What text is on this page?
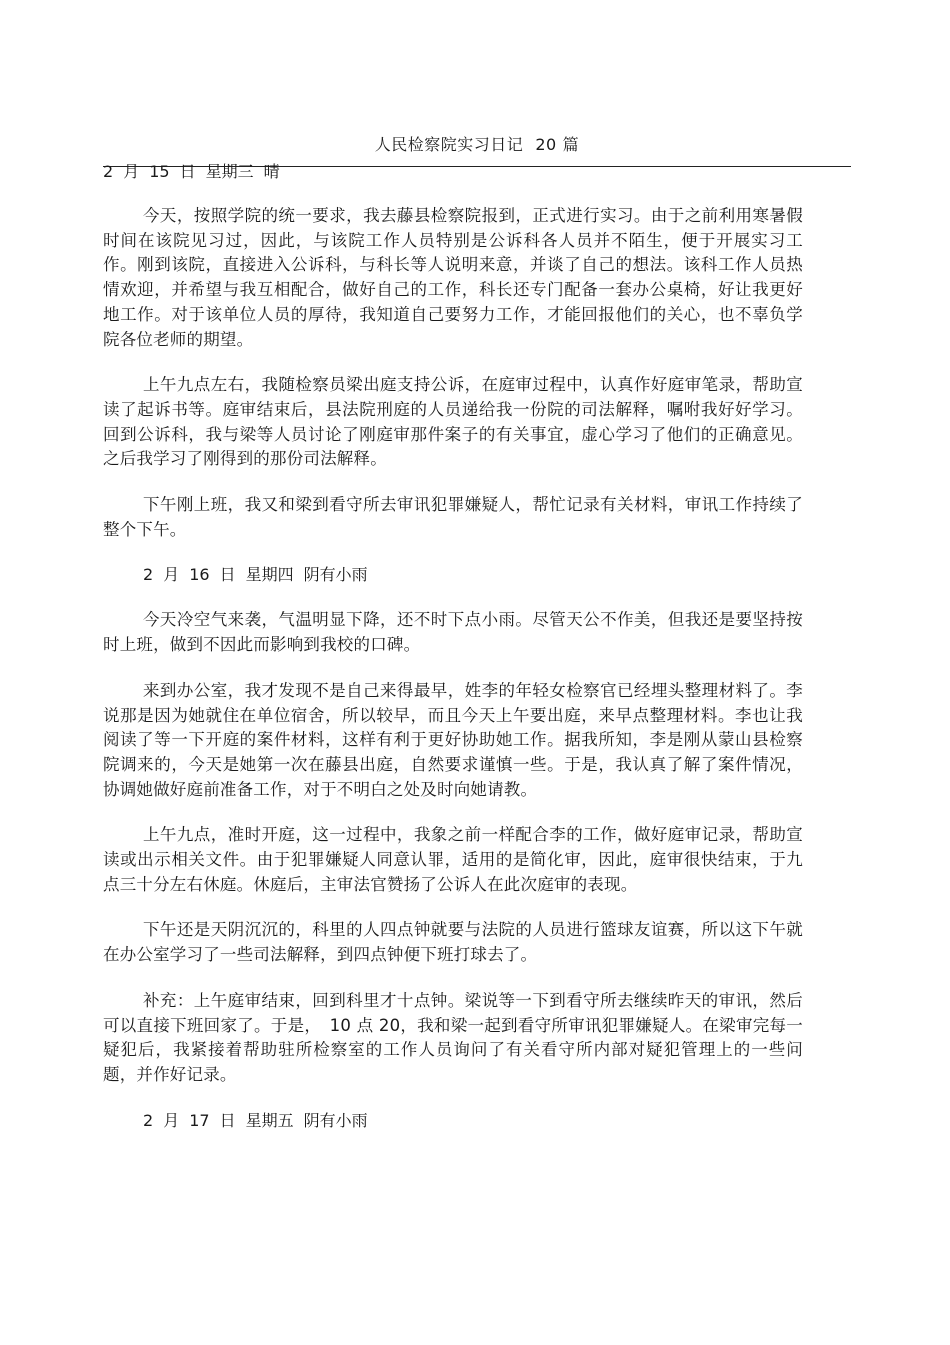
人民检察院实习日记 20 篇
2 月 15 日 星期三 晴

今天，按照学院的统一要求，我去藤县检察院报到，正式进行实习。由于之前利用寒暑假时间在该院见习过，因此，与该院工作人员特别是公诉科各人员并不陌生，便于开展实习工作。刚到该院，直接进入公诉科，与科长等人说明来意，并谈了自己的想法。该科工作人员热情欢迎，并希望与我互相配合，做好自己的工作，科长还专门配备一套办公桌椅，好让我更好地工作。对于该单位人员的厚待，我知道自己要努力工作，才能回报他们的关心，也不辜负学院各位老师的期望。

上午九点左右，我随检察员梁出庭支持公诉，在庭审过程中，认真作好庭审笔录，帮助宣读了起诉书等。庭审结束后，县法院刑庭的人员递给我一份院的司法解释，嘱咐我好好学习。回到公诉科，我与梁等人员讨论了刚庭审那件案子的有关事宜，虚心学习了他们的正确意见。之后我学习了刚得到的那份司法解释。

下午刚上班，我又和梁到看守所去审讯犯罪嫌疑人，帮忙记录有关材料，审讯工作持续了整个下午。

2 月 16 日 星期四 阴有小雨

今天冷空气来袭，气温明显下降，还不时下点小雨。尽管天公不作美，但我还是要坚持按时上班，做到不因此而影响到我校的口碑。

来到办公室，我才发现不是自己来得最早，姓李的年轻女检察官已经埋头整理材料了。李说那是因为她就住在单位宿舍，所以较早，而且今天上午要出庭，来早点整理材料。李也让我阅读了等一下开庭的案件材料，这样有利于更好协助她工作。据我所知，李是刚从蒙山县检察院调来的，今天是她第一次在藤县出庭，自然要求谨慎一些。于是，我认真了解了案件情况，协调她做好庭前准备工作，对于不明白之处及时向她请教。

上午九点，准时开庭，这一过程中，我象之前一样配合李的工作，做好庭审记录，帮助宣读或出示相关文件。由于犯罪嫌疑人同意认罪，适用的是简化审，因此，庭审很快结束，于九点三十分左右休庭。休庭后，主审法官赞扬了公诉人在此次庭审的表现。

下午还是天阴沉沉的，科里的人四点钟就要与法院的人员进行篮球友谊赛，所以这下午就在办公室学习了一些司法解释，到四点钟便下班打球去了。

补充：上午庭审结束，回到科里才十点钟。梁说等一下到看守所去继续昨天的审讯，然后可以直接下班回家了。于是，　10 点 20，我和梁一起到看守所审讯犯罪嫌疑人。在梁审完每一疑犯后，我紧接着帮助驻所检察室的工作人员询问了有关看守所内部对疑犯管理上的一些问题，并作好记录。

2 月 17 日 星期五 阴有小雨
